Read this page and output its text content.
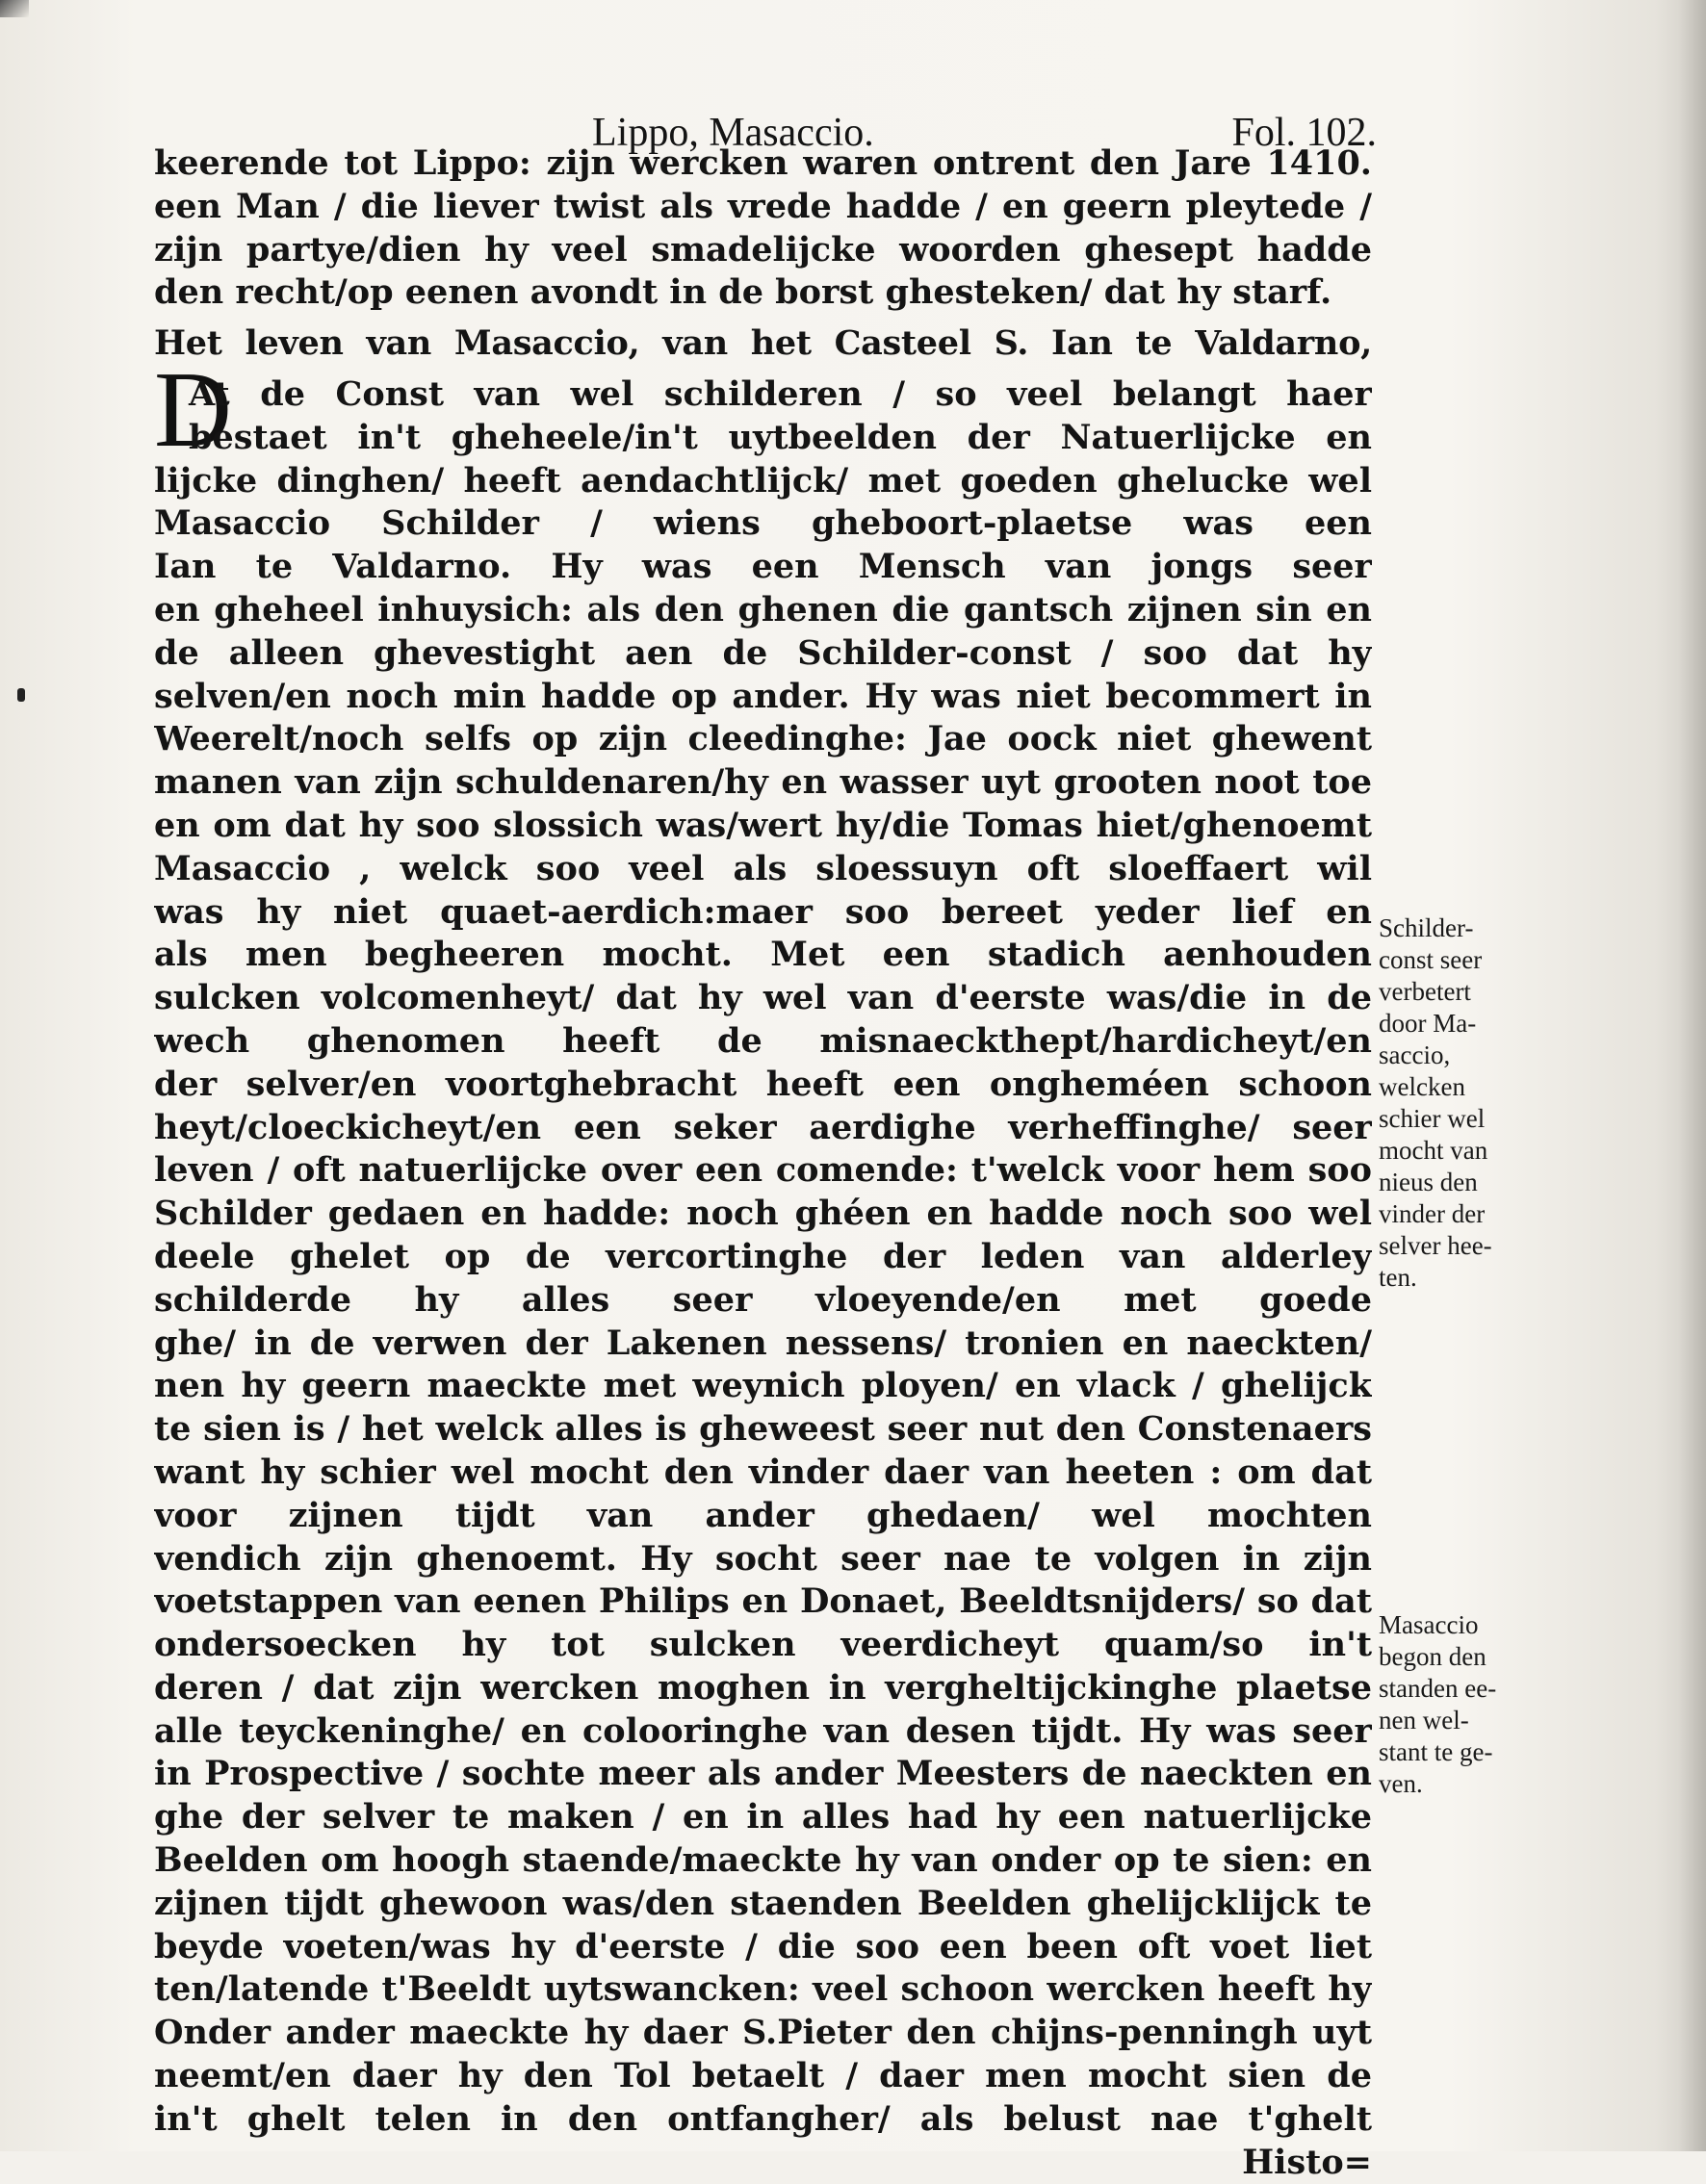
Lippo, Masaccio.	Fol. 102.
D
keerende tot Lippo: zijn wercken waren ontrent den Jare 1410.
een Man / die liever twist als vrede hadde / en geern pleytede /
zijn partye/dien hy veel smadelijcke woorden ghesept hadde
den recht/op eenen avondt in de borst ghesteken/ dat hy starf.
Het leven van Masaccio, van het Casteel S. Ian te Valdarno,
At de Const van wel schilderen / so veel belangt haer
bestaet in't gheheele/in't uytbeelden der Natuerlijcke en
lijcke dinghen/ heeft aendachtlijck/ met goeden ghelucke wel
Masaccio Schilder / wiens gheboort-plaetse was een
Ian te Valdarno. Hy was een Mensch van jongs seer
en gheheel inhuysich: als den ghenen die gantsch zijnen sin en
de alleen ghevestight aen de Schilder-const / soo dat hy
selven/en noch min hadde op ander. Hy was niet becommert in
Weerelt/noch selfs op zijn cleedinghe: Jae oock niet ghewent
manen van zijn schuldenaren/hy en wasser uyt grooten noot toe
en om dat hy soo slossich was/wert hy/die Tomas hiet/ghenoemt
Masaccio , welck soo veel als sloessuyn oft sloeffaert wil
was hy niet quaet-aerdich:maer soo bereet yeder lief en
als men begheeren mocht. Met een stadich aenhouden
sulcken volcomenheyt/ dat hy wel van d'eerste was/die in de
wech ghenomen heeft de misnaeckthept/hardicheyt/en
der selver/en voortghebracht heeft een ongheméen schoon
heyt/cloeckicheyt/en een seker aerdighe verheffinghe/ seer
leven / oft natuerlijcke over een comende: t'welck voor hem soo
Schilder gedaen en hadde: noch ghéen en hadde noch soo wel
deele ghelet op de vercortinghe der leden van alderley
schilderde hy alles seer vloeyende/en met goede
ghe/ in de verwen der Lakenen nessens/ tronien en naeckten/
nen hy geern maeckte met weynich ployen/ en vlack / ghelijck
te sien is / het welck alles is gheweest seer nut den Constenaers
want hy schier wel mocht den vinder daer van heeten : om dat
voor zijnen tijdt van ander ghedaen/ wel mochten
vendich zijn ghenoemt. Hy socht seer nae te volgen in zijn
voetstappen van eenen Philips en Donaet, Beeldtsnijders/ so dat
ondersoecken hy tot sulcken veerdicheyt quam/so in't
deren / dat zijn wercken moghen in vergheltijckinghe plaetse
alle teyckeninghe/ en colooringhe van desen tijdt. Hy was seer
in Prospective / sochte meer als ander Meesters de naeckten en
ghe der selver te maken / en in alles had hy een natuerlijcke
Beelden om hoogh staende/maeckte hy van onder op te sien: en
zijnen tijdt ghewoon was/den staenden Beelden ghelijcklijck te
beyde voeten/was hy d'eerste / die soo een been oft voet liet
ten/latende t'Beeldt uytswancken: veel schoon wercken heeft hy
Onder ander maeckte hy daer S.Pieter den chijns-penningh uyt
neemt/en daer hy den Tol betaelt / daer men mocht sien de
in't ghelt telen in den ontfangher/ als belust nae t'ghelt
Histo=
Schilder-
const seer
verbetert
door Ma-
saccio,
welcken
schier wel
mocht van
nieus den
vinder der
selver hee-
ten.
Masaccio
begon den
standen ee-
nen wel-
stant te ge-
ven.
